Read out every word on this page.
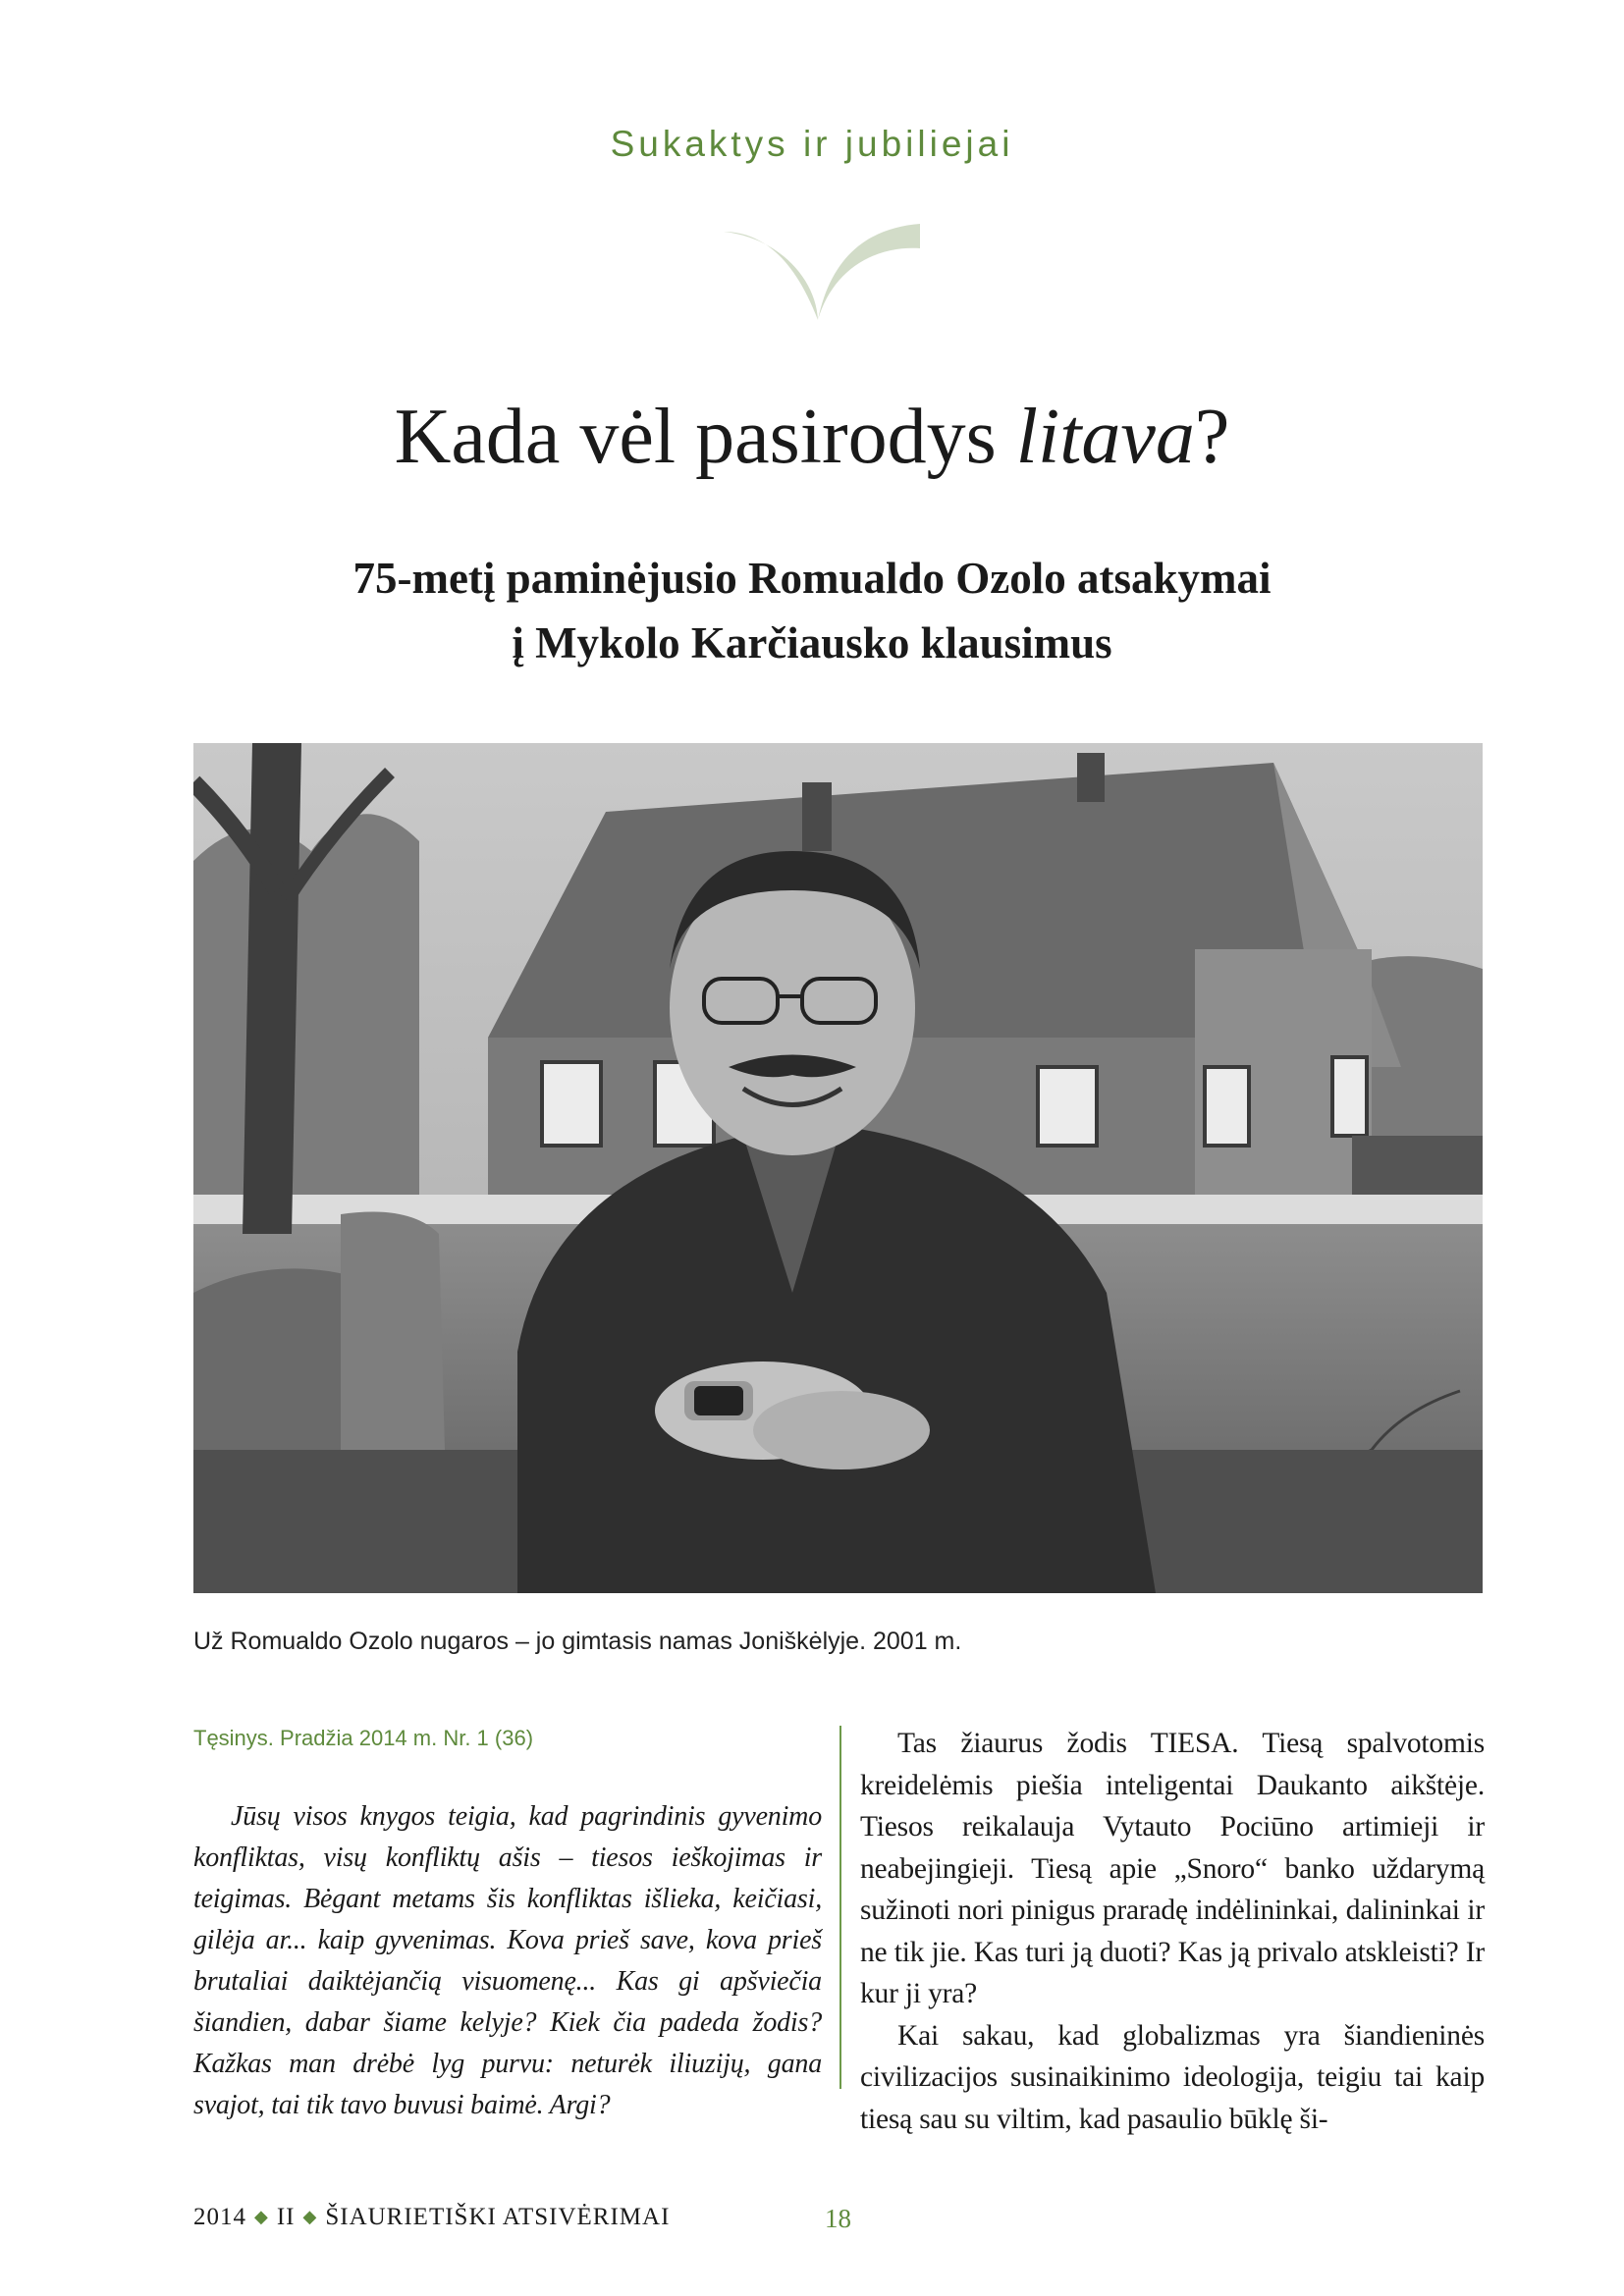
Sukaktys ir jubiliejai
Kada vėl pasirodys litava?
75-metį paminėjusio Romualdo Ozolo atsakymai
į Mykolo Karčiausko klausimus
Už Romualdo Ozolo nugaros – jo gimtasis namas Joniškėlyje. 2001 m.

Tęsinys. Pradžia 2014 m. Nr. 1 (36)

Jūsų visos knygos teigia, kad pagrindinis gyvenimo konfliktas, visų konfliktų ašis – tiesos ieškojimas ir teigimas. Bėgant metams šis konfliktas išlieka, keičiasi, gilėja ar... kaip gyvenimas. Kova prieš save, kova prieš brutaliai daiktėjančią visuomenę... Kas gi apšviečia šiandien, dabar šiame kelyje? Kiek čia padeda žodis? Kažkas man drėbė lyg purvu: neturėk iliuzijų, gana svajot, tai tik tavo buvusi baimė. Argi?

Tas žiaurus žodis TIESA. Tiesą spalvotomis kreidelėmis piešia inteligentai Daukanto aikštėje. Tiesos reikalauja Vytauto Pociūno artimieji ir neabejingieji. Tiesą apie „Snoro“ banko uždarymą sužinoti nori pinigus praradę indėlininkai, dalininkai ir ne tik jie. Kas turi ją duoti? Kas ją privalo atskleisti? Ir kur ji yra?

Kai sakau, kad globalizmas yra šiandieninės civilizacijos susinaikinimo ideologija, teigiu tai kaip tiesą sau su viltim, kad pasaulio būklę ši-

2014 ◆ II ◆ ŠIAURIETIŠKI ATSIVĖRIMAI	18
